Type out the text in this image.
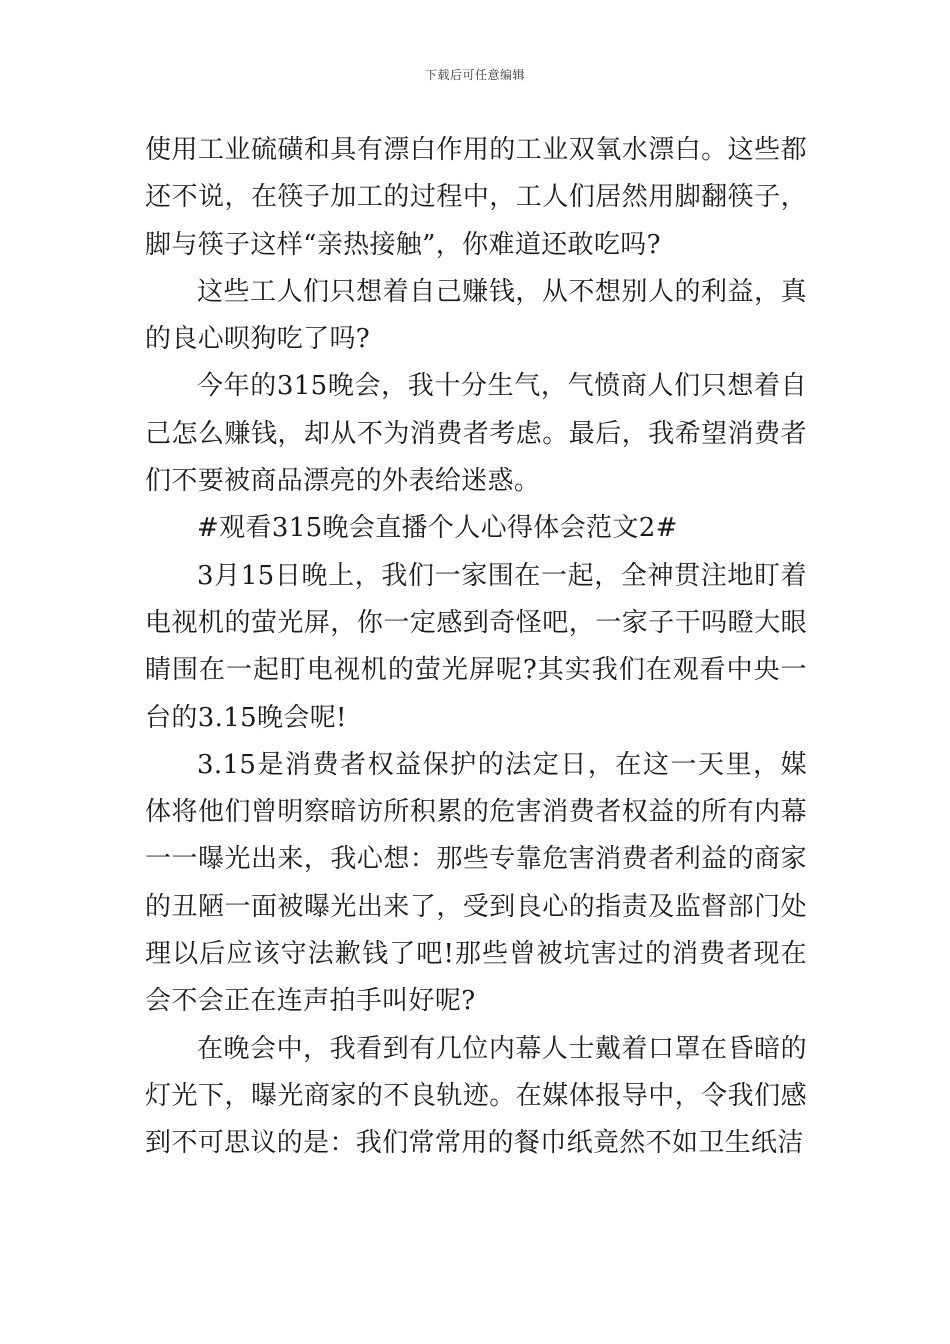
下载后可任意编辑

使用工业硫磺和具有漂白作用的工业双氧水漂白。这些都还不说，在筷子加工的过程中，工人们居然用脚翻筷子，脚与筷子这样“亲热接触”，你难道还敢吃吗?

这些工人们只想着自己赚钱，从不想别人的利益，真的良心呗狗吃了吗?

今年的315晚会，我十分生气，气愤商人们只想着自己怎么赚钱，却从不为消费者考虑。最后，我希望消费者们不要被商品漂亮的外表给迷惑。

#观看315晚会直播个人心得体会范文2#

3月15日晚上，我们一家围在一起，全神贯注地盯着电视机的萤光屏，你一定感到奇怪吧，一家子干吗瞪大眼睛围在一起盯电视机的萤光屏呢?其实我们在观看中央一台的3.15晚会呢!

3.15是消费者权益保护的法定日，在这一天里，媒体将他们曾明察暗访所积累的危害消费者权益的所有内幕一一曝光出来，我心想：那些专靠危害消费者利益的商家的丑陋一面被曝光出来了，受到良心的指责及监督部门处理以后应该守法歉钱了吧!那些曾被坑害过的消费者现在会不会正在连声拍手叫好呢?

在晚会中，我看到有几位内幕人士戴着口罩在昏暗的灯光下，曝光商家的不良轨迹。在媒体报导中，令我们感到不可思议的是：我们常常用的餐巾纸竟然不如卫生纸洁
